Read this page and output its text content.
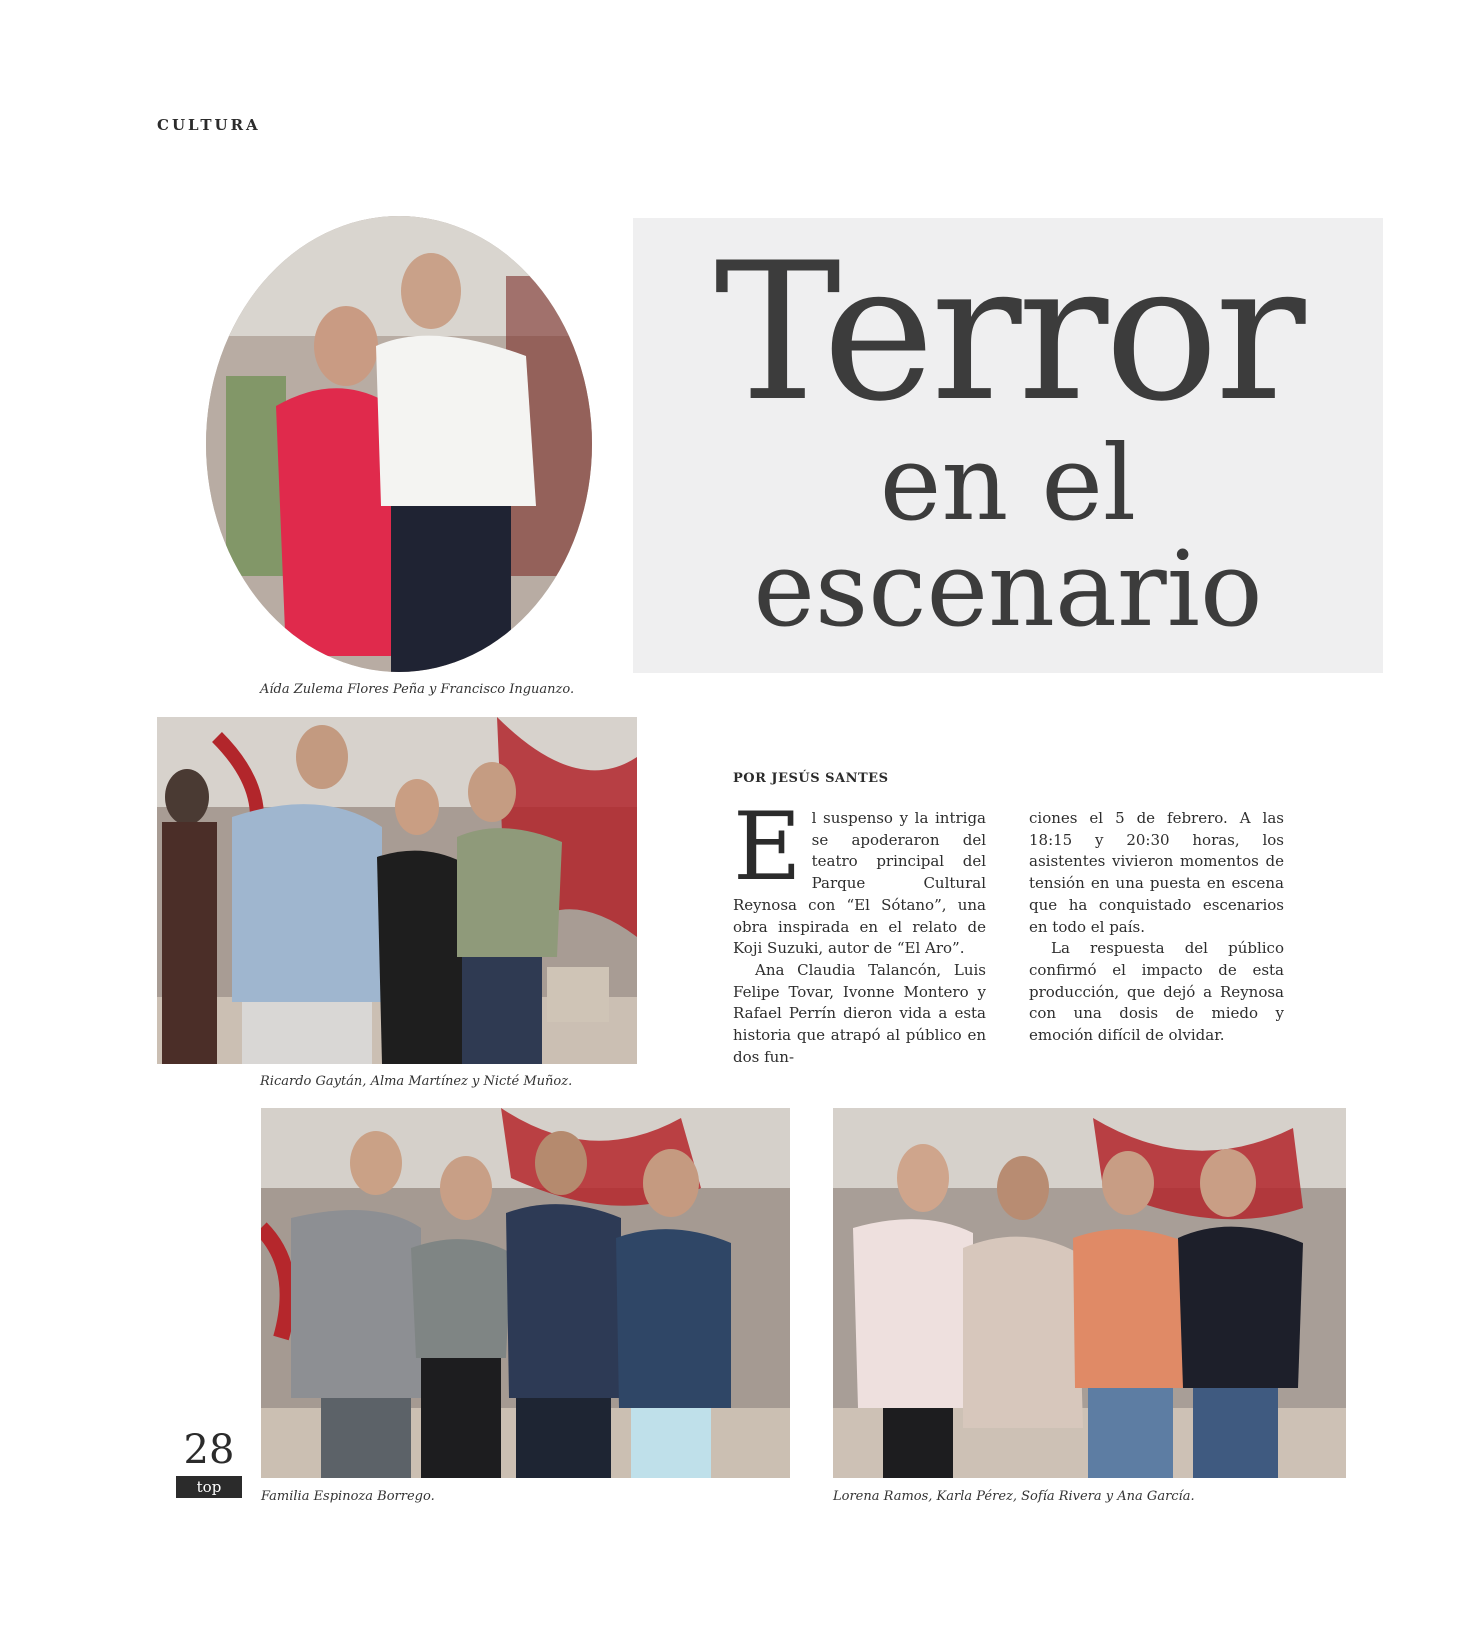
CULTURA
Aída Zulema Flores Peña y Francisco Inguanzo.
Terror
en el
escenario
Ricardo Gaytán, Alma Martínez y Nicté Muñoz.
POR JESÚS SANTES

El suspenso y la intriga se apoderaron del teatro principal del Parque Cultural Reynosa con “El Sótano”, una obra inspirada en el relato de Koji Suzuki, autor de “El Aro”.

Ana Claudia Talancón, Luis Felipe Tovar, Ivonne Montero y Rafael Perrín dieron vida a esta historia que atrapó al público en dos fun-

ciones el 5 de febrero. A las 18:15 y 20:30 horas, los asistentes vivieron momentos de tensión en una puesta en escena que ha conquistado escenarios en todo el país.

La respuesta del público confirmó el impacto de esta producción, que dejó a Reynosa con una dosis de miedo y emoción difícil de olvidar.

Familia Espinoza Borrego.	Lorena Ramos, Karla Pérez, Sofía Rivera y Ana García.
28
top
